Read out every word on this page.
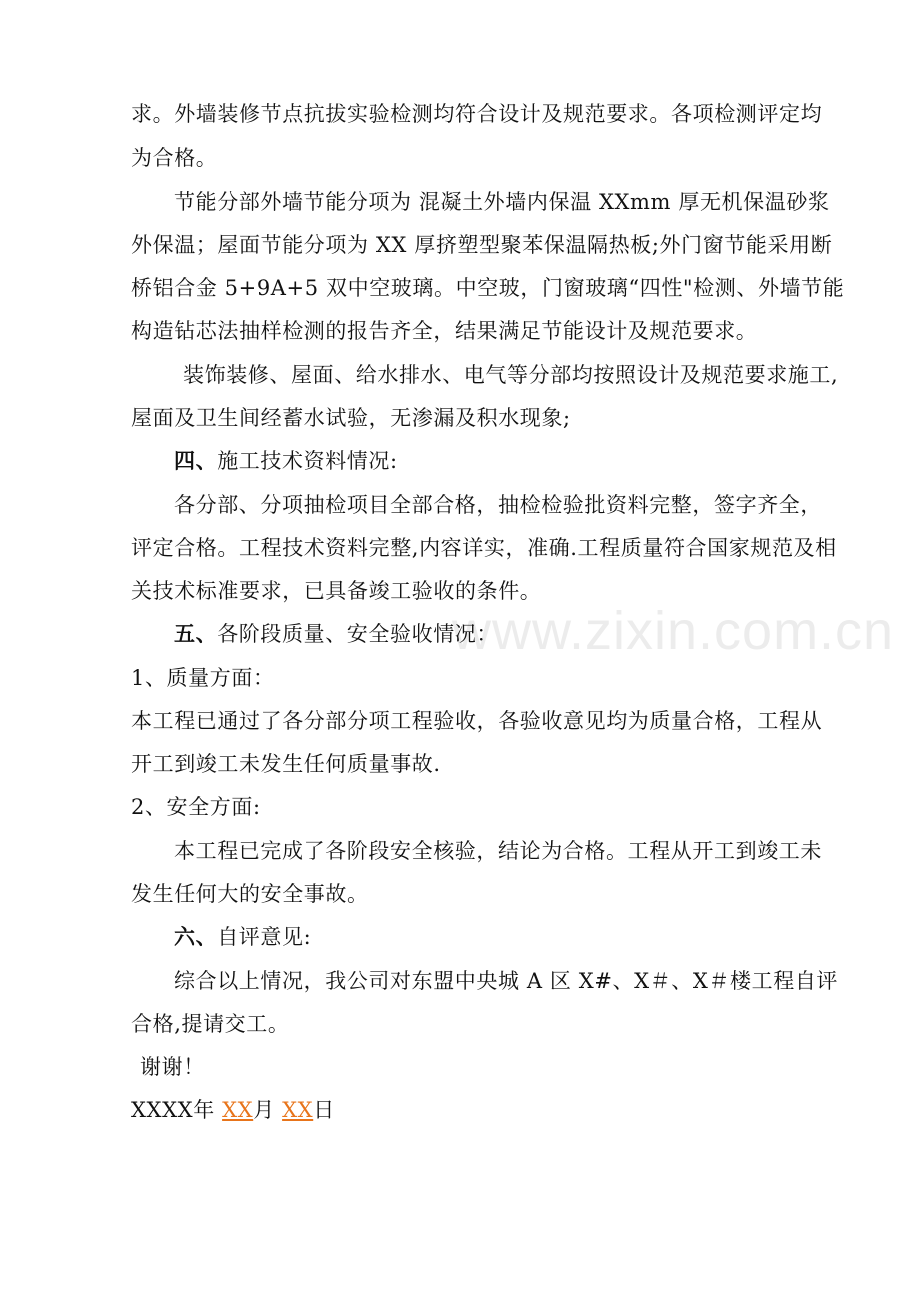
www.zixin.com.cn
求。外墙装修节点抗拔实验检测均符合设计及规范要求。各项检测评定均
为合格。
节能分部外墙节能分项为 混凝土外墙内保温 XXmm 厚无机保温砂浆
外保温；屋面节能分项为 XX 厚挤塑型聚苯保温隔热板;外门窗节能采用断
桥铝合金 5+9A+5 双中空玻璃。中空玻，门窗玻璃“四性"检测、外墙节能
构造钻芯法抽样检测的报告齐全，结果满足节能设计及规范要求。
装饰装修、屋面、给水排水、电气等分部均按照设计及规范要求施工,
屋面及卫生间经蓄水试验，无渗漏及积水现象;
四、施工技术资料情况:
各分部、分项抽检项目全部合格，抽检检验批资料完整，签字齐全，
评定合格。工程技术资料完整,内容详实，准确.工程质量符合国家规范及相
关技术标准要求，已具备竣工验收的条件。
五、各阶段质量、安全验收情况：
1、质量方面：
本工程已通过了各分部分项工程验收，各验收意见均为质量合格，工程从
开工到竣工未发生任何质量事故.
2、安全方面:
本工程已完成了各阶段安全核验，结论为合格。工程从开工到竣工未
发生任何大的安全事故。
六、自评意见:
综合以上情况，我公司对东盟中央城 A 区 X#、X＃、X＃楼工程自评
合格,提请交工。
谢谢！
XXXX年 XX月 XX日
